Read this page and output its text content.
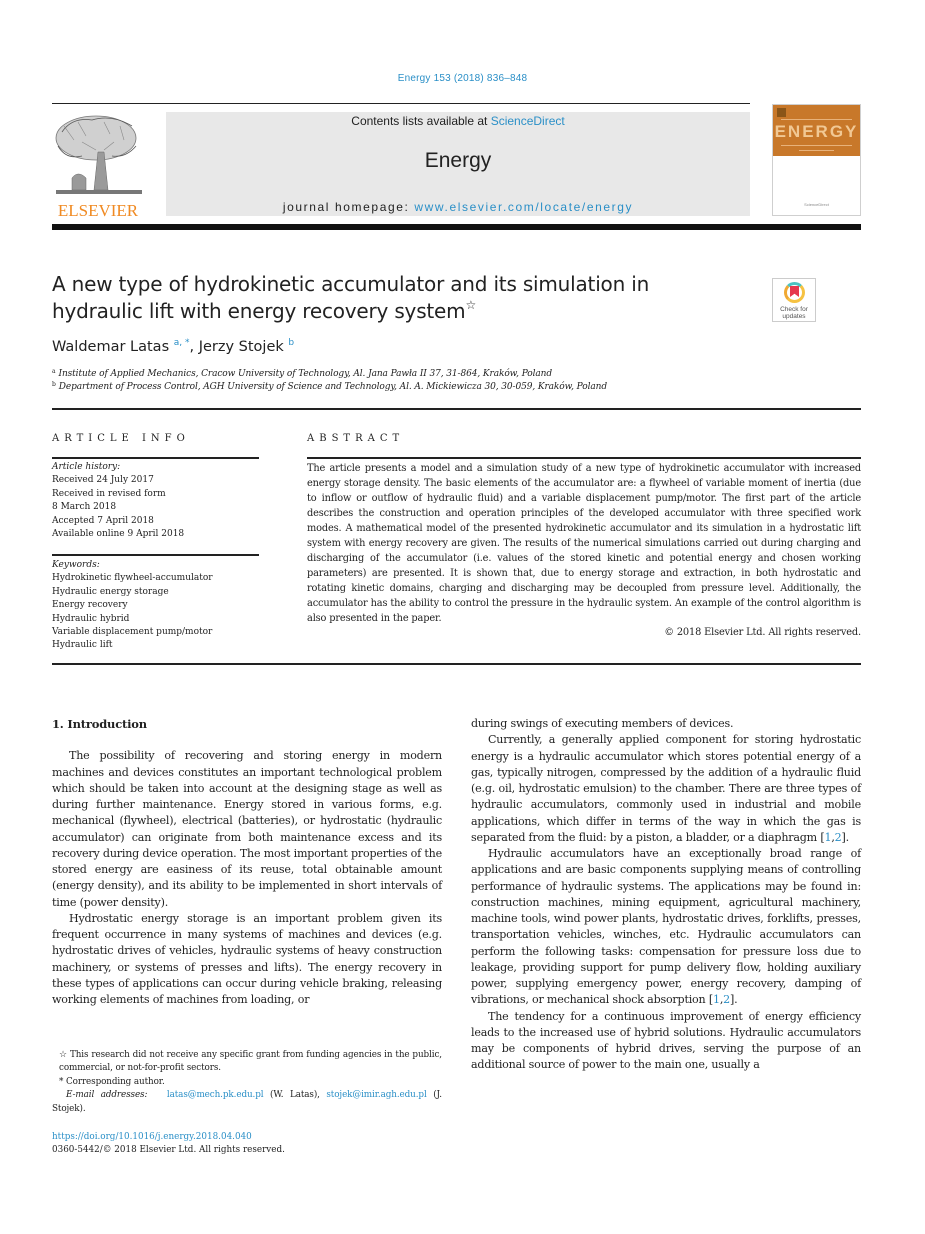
Energy 153 (2018) 836–848
ELSEVIER
Contents lists available at ScienceDirect
Energy
journal homepage: www.elsevier.com/locate/energy
ENERGY
ScienceDirect
A new type of hydrokinetic accumulator and its simulation in
hydraulic lift with energy recovery system☆	Check for
updates
Waldemar Latas $^{a, *}$, Jerzy Stojek $^b$
$^a$ Institute of Applied Mechanics, Cracow University of Technology, Al. Jana Pawła II 37, 31-864, Kraków, Poland
$^b$ Department of Process Control, AGH University of Science and Technology, Al. A. Mickiewicza 30, 30-059, Kraków, Poland
ARTICLE INFO	ABSTRACT
Article history:
Received 24 July 2017
Received in revised form
8 March 2018
Accepted 7 April 2018
Available online 9 April 2018
Keywords:
Hydrokinetic flywheel-accumulator
Hydraulic energy storage
Energy recovery
Hydraulic hybrid
Variable displacement pump/motor
Hydraulic lift
The article presents a model and a simulation study of a new type of hydrokinetic accumulator with increased energy storage density. The basic elements of the accumulator are: a flywheel of variable moment of inertia (due to inflow or outflow of hydraulic fluid) and a variable displacement pump/motor. The first part of the article describes the construction and operation principles of the developed accumulator with three specified work modes. A mathematical model of the presented hydrokinetic accumulator and its simulation in a hydrostatic lift system with energy recovery are given. The results of the numerical simulations carried out during charging and discharging of the accumulator (i.e. values of the stored kinetic and potential energy and chosen working parameters) are presented. It is shown that, due to energy storage and extraction, in both hydrostatic and rotating kinetic domains, charging and discharging may be decoupled from pressure level. Additionally, the accumulator has the ability to control the pressure in the hydraulic system. An example of the control algorithm is also presented in the paper.
© 2018 Elsevier Ltd. All rights reserved.

1. Introduction

The possibility of recovering and storing energy in modern machines and devices constitutes an important technological problem which should be taken into account at the designing stage as well as during further maintenance. Energy stored in various forms, e.g. mechanical (flywheel), electrical (batteries), or hydrostatic (hydraulic accumulator) can originate from both maintenance excess and its recovery during device operation. The most important properties of the stored energy are easiness of its reuse, total obtainable amount (energy density), and its ability to be implemented in short intervals of time (power density).

Hydrostatic energy storage is an important problem given its frequent occurrence in many systems of machines and devices (e.g. hydrostatic drives of vehicles, hydraulic systems of heavy construction machinery, or systems of presses and lifts). The energy recovery in these types of applications can occur during vehicle braking, releasing working elements of machines from loading, or

during swings of executing members of devices.

Currently, a generally applied component for storing hydrostatic energy is a hydraulic accumulator which stores potential energy of a gas, typically nitrogen, compressed by the addition of a hydraulic fluid (e.g. oil, hydrostatic emulsion) to the chamber. There are three types of hydraulic accumulators, commonly used in industrial and mobile applications, which differ in terms of the way in which the gas is separated from the fluid: by a piston, a bladder, or a diaphragm [1,2].

Hydraulic accumulators have an exceptionally broad range of applications and are basic components supplying means of controlling performance of hydraulic systems. The applications may be found in: construction machines, mining equipment, agricultural machinery, machine tools, wind power plants, hydrostatic drives, forklifts, presses, transportation vehicles, winches, etc. Hydraulic accumulators can perform the following tasks: compensation for pressure loss due to leakage, providing support for pump delivery flow, holding auxiliary power, supplying emergency power, energy recovery, damping of vibrations, or mechanical shock absorption [1,2].

The tendency for a continuous improvement of energy efficiency leads to the increased use of hybrid solutions. Hydraulic accumulators may be components of hybrid drives, serving the purpose of an additional source of power to the main one, usually a

☆ This research did not receive any specific grant from funding agencies in the public, commercial, or not-for-profit sectors.
* Corresponding author.
E-mail addresses: latas@mech.pk.edu.pl (W. Latas), stojek@imir.agh.edu.pl (J. Stojek).
https://doi.org/10.1016/j.energy.2018.04.040
0360-5442/© 2018 Elsevier Ltd. All rights reserved.
